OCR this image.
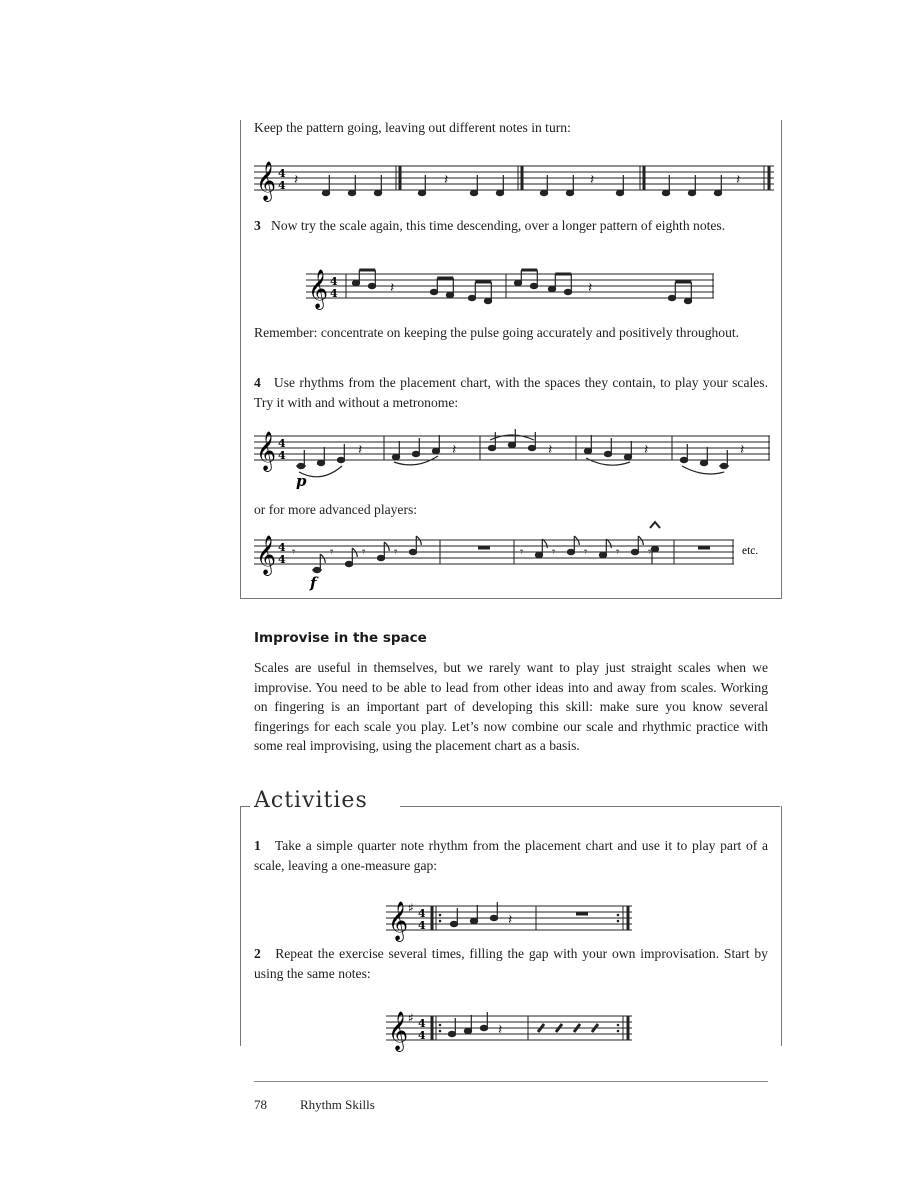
Keep the pattern going, leaving out different notes in turn:
𝄞 4
4 𝄽	𝄽	𝄽	𝄽
3 Now try the scale again, this time descending, over a longer pattern of eighth notes.
𝄞 4
4	𝄽	𝄽
Remember: concentrate on keeping the pulse going accurately and positively throughout.
4 Use rhythms from the placement chart, with the spaces they contain, to play your scales. Try it with and without a metronome:
𝄞 4
4	𝄽	𝄽	𝄽	𝄽	𝄽
p
or for more advanced players:
𝄞 4
4
𝄾	𝄾 𝄾 𝄾	𝄾 𝄾 𝄾 𝄾 𝄾
f
etc.
Improvise in the space
Scales are useful in themselves, but we rarely want to play just straight scales when we improvise. You need to be able to lead from other ideas into and away from scales. Working on fingering is an important part of developing this skill: make sure you know several fingerings for each scale you play. Let’s now combine our scale and rhythmic practice with some real improvising, using the placement chart as a basis.
Activities
1 Take a simple quarter note rhythm from the placement chart and use it to play part of a scale, leaving a one-measure gap:
𝄞 ♯ 4
4	𝄽
2 Repeat the exercise several times, filling the gap with your own improvisation. Start by using the same notes:
𝄞 ♯ 4
4	𝄽
78	Rhythm Skills
